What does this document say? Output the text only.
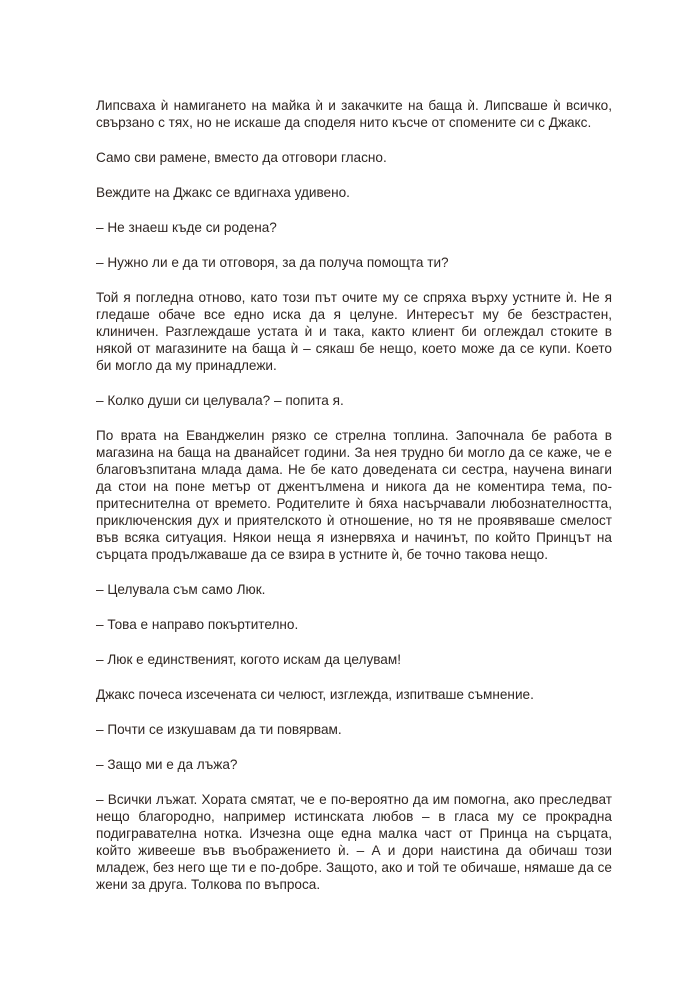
Липсваха ѝ намигането на майка ѝ и закачките на баща ѝ. Липсваше ѝ всичко, свързано с тях, но не искаше да споделя нито късче от спомените си с Джакс.

Само сви рамене, вместо да отговори гласно.

Веждите на Джакс се вдигнаха удивено.

– Не знаеш къде си родена?

– Нужно ли е да ти отговоря, за да получа помощта ти?

Той я погледна отново, като този път очите му се спряха върху устните ѝ. Не я гледаше обаче все едно иска да я целуне. Интересът му бе безстрастен, клиничен. Разглеждаше устата ѝ и така, както клиент би оглеждал стоките в някой от магазините на баща ѝ – сякаш бе нещо, което може да се купи. Което би могло да му принадлежи.

– Колко души си целувала? – попита я.

По врата на Еванджелин рязко се стрелна топлина. Започнала бе работа в магазина на баща на дванайсет години. За нея трудно би могло да се каже, че е благовъзпитана млада дама. Не бе като доведената си сестра, научена винаги да стои на поне метър от джентълмена и никога да не коментира тема, по-притеснителна от времето. Родителите ѝ бяха насърчавали любознателността, приключенския дух и приятелското ѝ отношение, но тя не проявяваше смелост във всяка ситуация. Някои неща я изнервяха и начинът, по който Принцът на сърцата продължаваше да се взира в устните ѝ, бе точно такова нещо.

– Целувала съм само Люк.

– Това е направо покъртително.

– Люк е единственият, когото искам да целувам!

Джакс почеса изсечената си челюст, изглежда, изпитваше съмнение.

– Почти се изкушавам да ти повярвам.

– Защо ми е да лъжа?

– Всички лъжат. Хората смятат, че е по-вероятно да им помогна, ако преследват нещо благородно, например истинската любов – в гласа му се прокрадна подигравателна нотка. Изчезна още една малка част от Принца на сърцата, който живееше във въображението ѝ. – А и дори наистина да обичаш този младеж, без него ще ти е по-добре. Защото, ако и той те обичаше, нямаше да се жени за друга. Толкова по въпроса.
